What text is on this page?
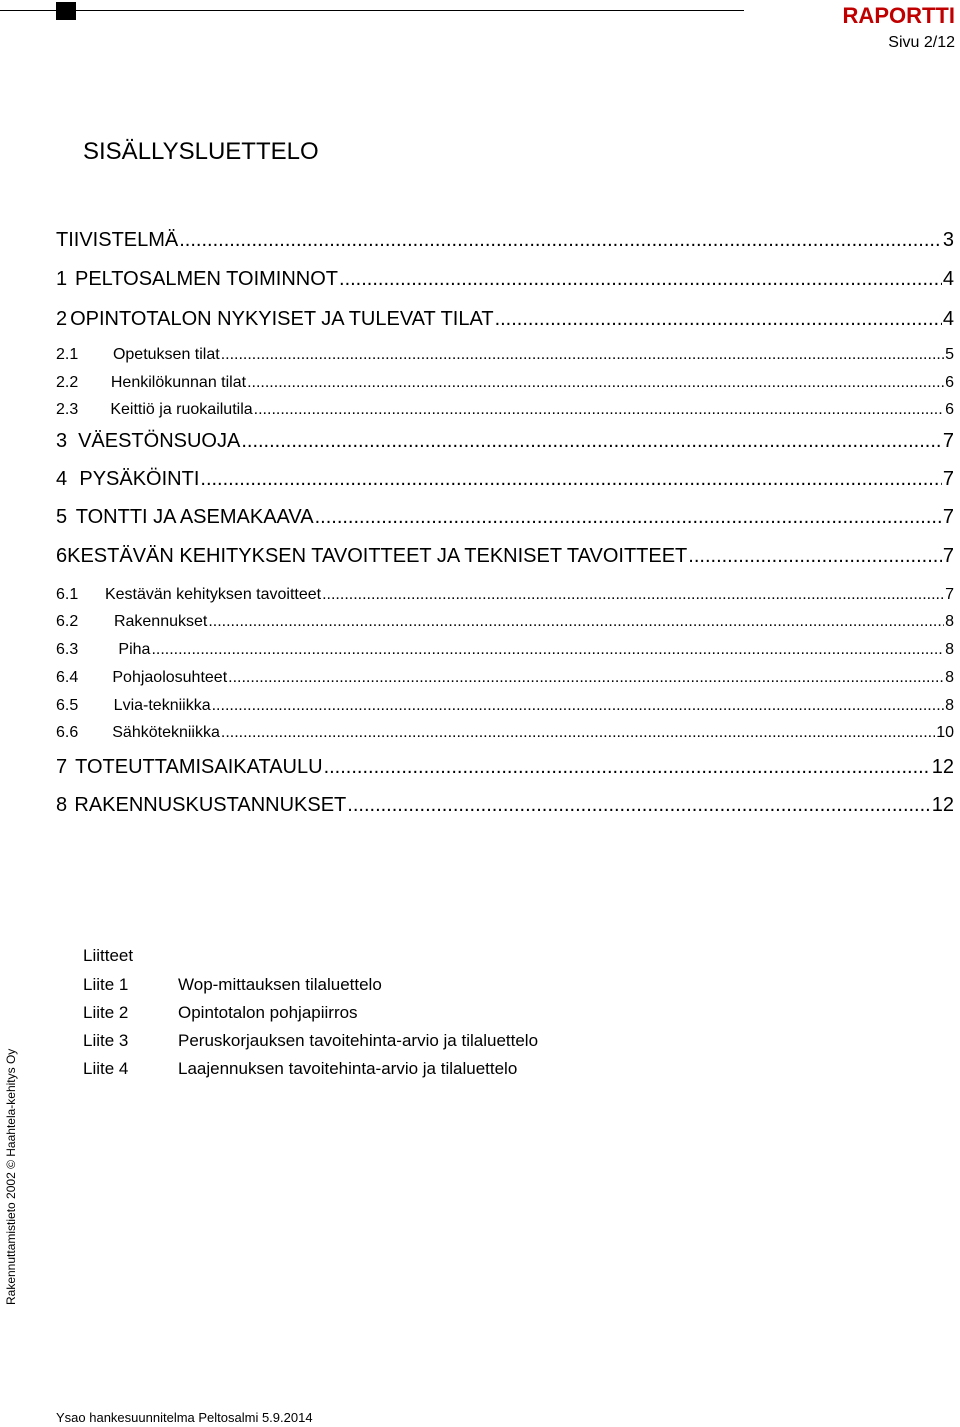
RAPORTTI
Sivu 2/12
SISÄLLYSLUETTELO
TIIVISTELMÄ .....	3
1 PELTOSALMEN TOIMINNOT .....	4
2 OPINTOTALON NYKYISET JA TULEVAT TILAT .....	4
2.1	Opetuksen tilat .....	5
2.2	Henkilökunnan tilat .....	6
2.3	Keittiö ja ruokailutila .....	6
3 VÄESTÖNSUOJA .....	7
4 PYSÄKÖINTI .....	7
5 TONTTI JA ASEMAKAAVA .....	7
6 KESTÄVÄN KEHITYKSEN TAVOITTEET JA TEKNISET TAVOITTEET .....	7
6.1	Kestävän kehityksen tavoitteet .....	7
6.2	Rakennukset .....	8
6.3	Piha .....	8
6.4	Pohjaolosuhteet .....	8
6.5	Lvia-tekniikka .....	8
6.6	Sähkötekniikka .....	10
7 TOTEUTTAMISAIKATAULU .....	12
8 RAKENNUSKUSTANNUKSET .....	12
Liitteet
Liite 1	Wop-mittauksen tilaluettelo
Liite 2	Opintotalon pohjapiirros
Liite 3	Peruskorjauksen tavoitehinta-arvio ja tilaluettelo
Liite 4	Laajennuksen tavoitehinta-arvio ja tilaluettelo
Rakennuttamistieto 2002 © Haahtela-kehitys Oy
Ysao hankesuunnitelma Peltosalmi 5.9.2014
